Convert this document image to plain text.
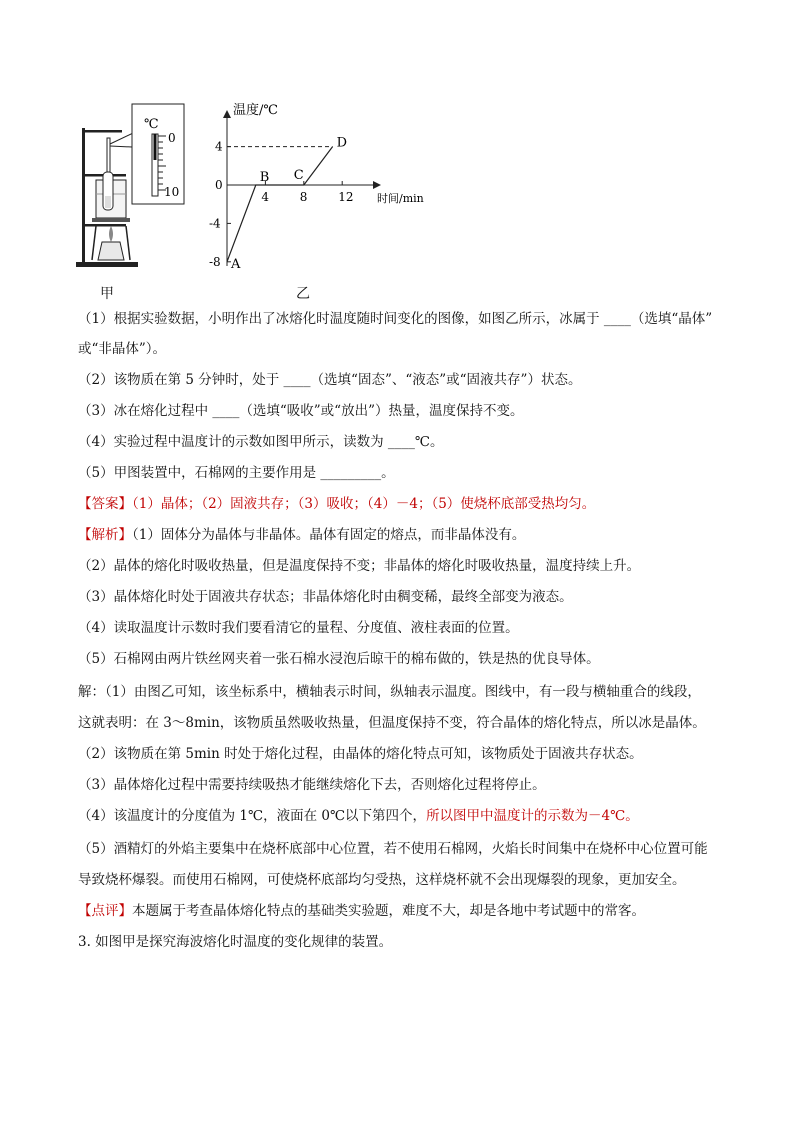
℃
0
10	4	8	12
4
0
-4
-8 A
B C
D
温度/℃
时间/min
甲	乙
（1）根据实验数据，小明作出了冰熔化时温度随时间变化的图像，如图乙所示，冰属于 ____（选填“晶体”
或“非晶体”）。
（2）该物质在第 5 分钟时，处于 ____（选填“固态”、“液态”或“固液共存”）状态。
（3）冰在熔化过程中 ____（选填“吸收”或“放出”）热量，温度保持不变。
（4）实验过程中温度计的示数如图甲所示，读数为 ____℃。
（5）甲图装置中，石棉网的主要作用是 _________。
【答案】（1）晶体；（2）固液共存；（3）吸收；（4）－4；（5）使烧杯底部受热均匀。
【解析】（1）固体分为晶体与非晶体。晶体有固定的熔点，而非晶体没有。
（2）晶体的熔化时吸收热量，但是温度保持不变；非晶体的熔化时吸收热量，温度持续上升。
（3）晶体熔化时处于固液共存状态；非晶体熔化时由稠变稀，最终全部变为液态。
（4）读取温度计示数时我们要看清它的量程、分度值、液柱表面的位置。
（5）石棉网由两片铁丝网夹着一张石棉水浸泡后晾干的棉布做的，铁是热的优良导体。
解：（1）由图乙可知，该坐标系中，横轴表示时间，纵轴表示温度。图线中，有一段与横轴重合的线段，
这就表明：在 3～8min，该物质虽然吸收热量，但温度保持不变，符合晶体的熔化特点，所以冰是晶体。
（2）该物质在第 5min 时处于熔化过程，由晶体的熔化特点可知，该物质处于固液共存状态。
（3）晶体熔化过程中需要持续吸热才能继续熔化下去，否则熔化过程将停止。
（4）该温度计的分度值为 1℃，液面在 0℃以下第四个，所以图甲中温度计的示数为－4℃。
（5）酒精灯的外焰主要集中在烧杯底部中心位置，若不使用石棉网，火焰长时间集中在烧杯中心位置可能
导致烧杯爆裂。而使用石棉网，可使烧杯底部均匀受热，这样烧杯就不会出现爆裂的现象，更加安全。
【点评】本题属于考查晶体熔化特点的基础类实验题，难度不大，却是各地中考试题中的常客。
3. 如图甲是探究海波熔化时温度的变化规律的装置。
